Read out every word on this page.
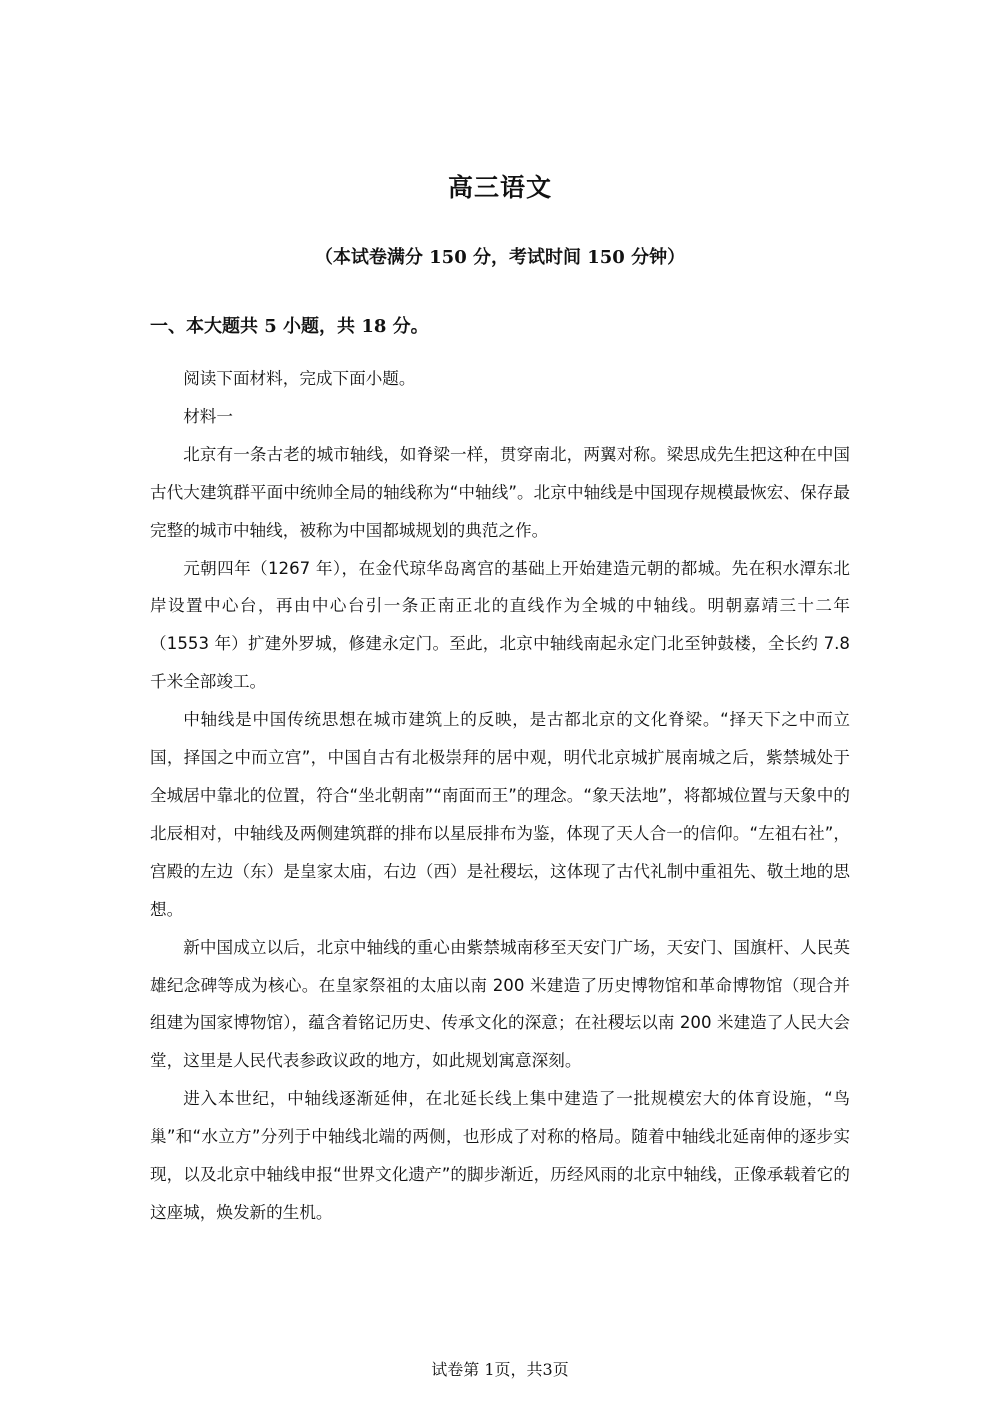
高三语文
（本试卷满分 150 分，考试时间 150 分钟）
一、本大题共 5 小题，共 18 分。

阅读下面材料，完成下面小题。

材料一

北京有一条古老的城市轴线，如脊梁一样，贯穿南北，两翼对称。梁思成先生把这种在中国古代大建筑群平面中统帅全局的轴线称为“中轴线”。北京中轴线是中国现存规模最恢宏、保存最完整的城市中轴线，被称为中国都城规划的典范之作。

元朝四年（1267 年），在金代琼华岛离宫的基础上开始建造元朝的都城。先在积水潭东北岸设置中心台，再由中心台引一条正南正北的直线作为全城的中轴线。明朝嘉靖三十二年（1553 年）扩建外罗城，修建永定门。至此，北京中轴线南起永定门北至钟鼓楼，全长约 7.8 千米全部竣工。

中轴线是中国传统思想在城市建筑上的反映，是古都北京的文化脊梁。“择天下之中而立国，择国之中而立宫”，中国自古有北极崇拜的居中观，明代北京城扩展南城之后，紫禁城处于全城居中靠北的位置，符合“坐北朝南”“南面而王”的理念。“象天法地”，将都城位置与天象中的北辰相对，中轴线及两侧建筑群的排布以星辰排布为鉴，体现了天人合一的信仰。“左祖右社”，宫殿的左边（东）是皇家太庙，右边（西）是社稷坛，这体现了古代礼制中重祖先、敬土地的思想。

新中国成立以后，北京中轴线的重心由紫禁城南移至天安门广场，天安门、国旗杆、人民英雄纪念碑等成为核心。在皇家祭祖的太庙以南 200 米建造了历史博物馆和革命博物馆（现合并组建为国家博物馆），蕴含着铭记历史、传承文化的深意；在社稷坛以南 200 米建造了人民大会堂，这里是人民代表参政议政的地方，如此规划寓意深刻。

进入本世纪，中轴线逐渐延伸，在北延长线上集中建造了一批规模宏大的体育设施，“鸟巢”和“水立方”分列于中轴线北端的两侧，也形成了对称的格局。随着中轴线北延南伸的逐步实现，以及北京中轴线申报“世界文化遗产”的脚步渐近，历经风雨的北京中轴线，正像承载着它的这座城，焕发新的生机。

试卷第 1页，共3页
